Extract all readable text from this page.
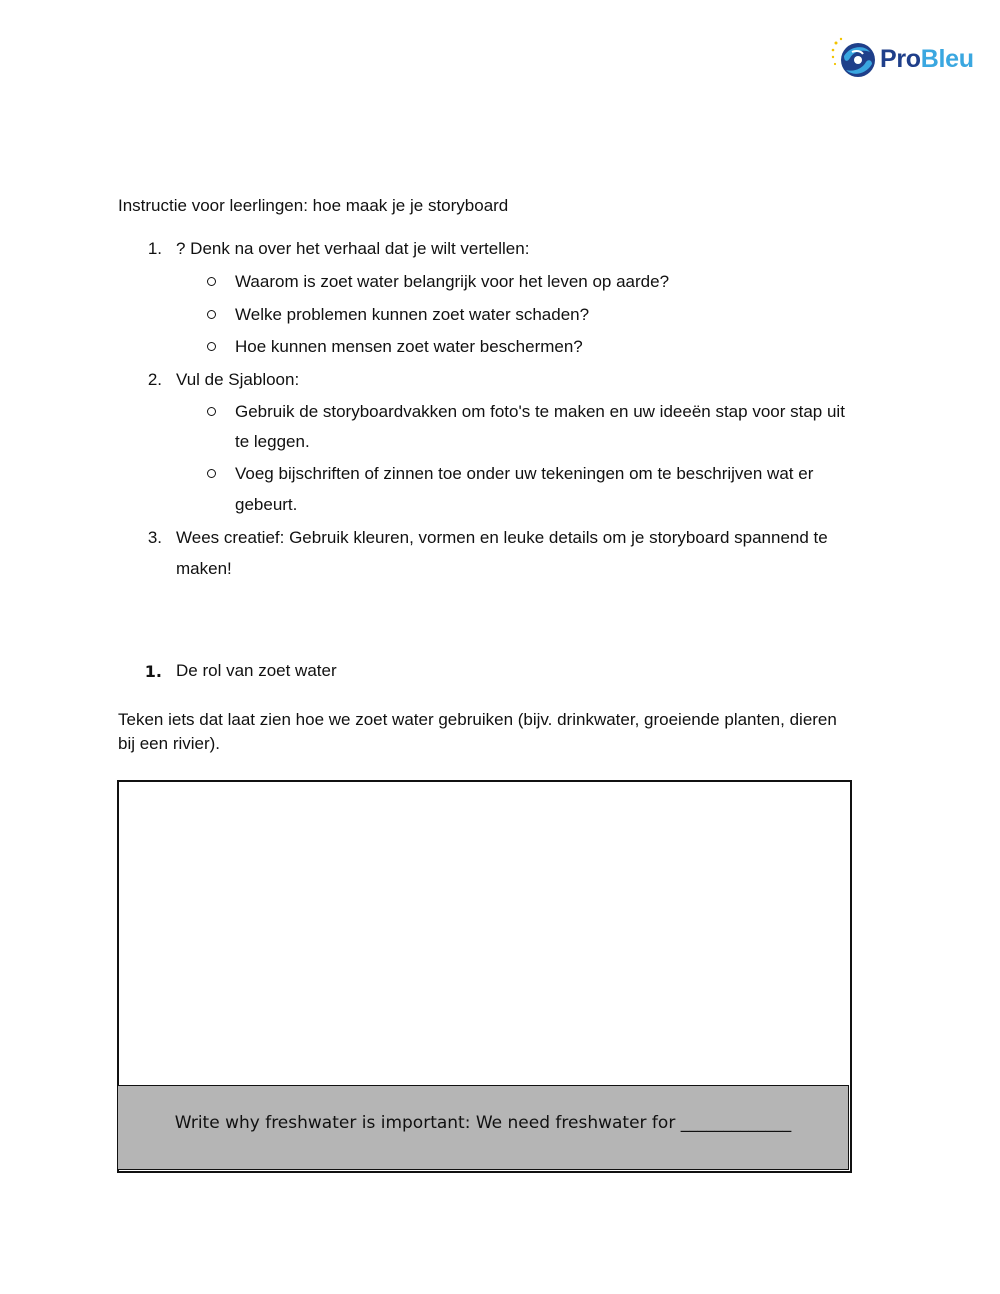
ProBleu
Instructie voor leerlingen: hoe maak je je storyboard
1. ? Denk na over het verhaal dat je wilt vertellen:
Waarom is zoet water belangrijk voor het leven op aarde?
Welke problemen kunnen zoet water schaden?
Hoe kunnen mensen zoet water beschermen?
2. Vul de Sjabloon:
Gebruik de storyboardvakken om foto's te maken en uw ideeën stap voor stap uit
te leggen.
Voeg bijschriften of zinnen toe onder uw tekeningen om te beschrijven wat er
gebeurt.
3. Wees creatief: Gebruik kleuren, vormen en leuke details om je storyboard spannend te
maken!
1. De rol van zoet water
Teken iets dat laat zien hoe we zoet water gebruiken (bijv. drinkwater, groeiende planten, dieren
bij een rivier).
Write why freshwater is important: We need freshwater for _____________
